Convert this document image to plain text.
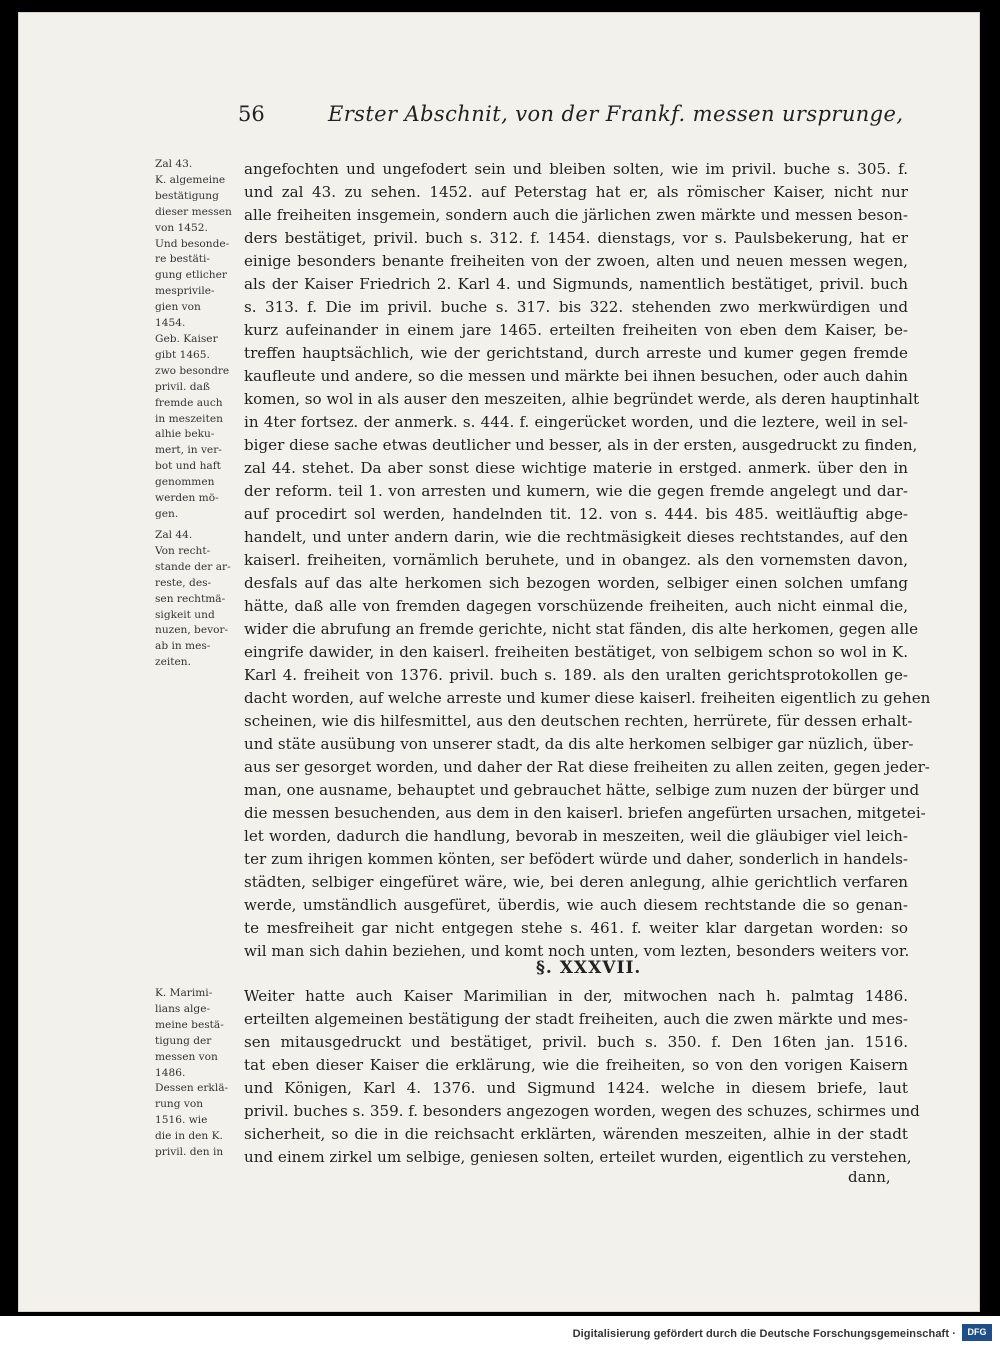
56	Erster Abschnit, von der Frankf. messen ursprunge,
Zal 43.
K. algemeine
bestätigung
dieser messen
von 1452.
Und besonde-
re bestäti-
gung etlicher
mesprivile-
gien von
1454.
Geb. Kaiser
gibt 1465.
zwo besondre
privil. daß
fremde auch
in meszeiten
alhie beku-
mert, in ver-
bot und haft
genommen
werden mö-
gen.
Zal 44.
Von recht-
stande der ar-
reste, des-
sen rechtmä-
sigkeit und
nuzen, bevor-
ab in mes-
zeiten.
K. Marimi-
lians alge-
meine bestä-
tigung der
messen von
1486.
Dessen erklä-
rung von
1516. wie
die in den K.
privil. den in
angefochten und ungefodert sein und bleiben solten, wie im privil. buche s. 305. f.
und zal 43. zu sehen. 1452. auf Peterstag hat er, als römischer Kaiser, nicht nur
alle freiheiten insgemein, sondern auch die järlichen zwen märkte und messen beson-
ders bestätiget, privil. buch s. 312. f. 1454. dienstags, vor s. Paulsbekerung, hat er
einige besonders benante freiheiten von der zwoen, alten und neuen messen wegen,
als der Kaiser Friedrich 2. Karl 4. und Sigmunds, namentlich bestätiget, privil. buch
s. 313. f. Die im privil. buche s. 317. bis 322. stehenden zwo merkwürdigen und
kurz aufeinander in einem jare 1465. erteilten freiheiten von eben dem Kaiser, be-
treffen hauptsächlich, wie der gerichtstand, durch arreste und kumer gegen fremde
kaufleute und andere, so die messen und märkte bei ihnen besuchen, oder auch dahin
komen, so wol in als auser den meszeiten, alhie begründet werde, als deren hauptinhalt
in 4ter fortsez. der anmerk. s. 444. f. eingerücket worden, und die leztere, weil in sel-
biger diese sache etwas deutlicher und besser, als in der ersten, ausgedruckt zu finden,
zal 44. stehet. Da aber sonst diese wichtige materie in erstged. anmerk. über den in
der reform. teil 1. von arresten und kumern, wie die gegen fremde angelegt und dar-
auf procedirt sol werden, handelnden tit. 12. von s. 444. bis 485. weitläuftig abge-
handelt, und unter andern darin, wie die rechtmäsigkeit dieses rechtstandes, auf den
kaiserl. freiheiten, vornämlich beruhete, und in obangez. als den vornemsten davon,
desfals auf das alte herkomen sich bezogen worden, selbiger einen solchen umfang
hätte, daß alle von fremden dagegen vorschüzende freiheiten, auch nicht einmal die,
wider die abrufung an fremde gerichte, nicht stat fänden, dis alte herkomen, gegen alle
eingrife dawider, in den kaiserl. freiheiten bestätiget, von selbigem schon so wol in K.
Karl 4. freiheit von 1376. privil. buch s. 189. als den uralten gerichtsprotokollen ge-
dacht worden, auf welche arreste und kumer diese kaiserl. freiheiten eigentlich zu gehen
scheinen, wie dis hilfesmittel, aus den deutschen rechten, herrürete, für dessen erhalt-
und stäte ausübung von unserer stadt, da dis alte herkomen selbiger gar nüzlich, über-
aus ser gesorget worden, und daher der Rat diese freiheiten zu allen zeiten, gegen jeder-
man, one ausname, behauptet und gebrauchet hätte, selbige zum nuzen der bürger und
die messen besuchenden, aus dem in den kaiserl. briefen angefürten ursachen, mitgetei-
let worden, dadurch die handlung, bevorab in meszeiten, weil die gläubiger viel leich-
ter zum ihrigen kommen könten, ser befödert würde und daher, sonderlich in handels-
städten, selbiger eingefüret wäre, wie, bei deren anlegung, alhie gerichtlich verfaren
werde, umständlich ausgefüret, überdis, wie auch diesem rechtstande die so genan-
te mesfreiheit gar nicht entgegen stehe s. 461. f. weiter klar dargetan worden: so
wil man sich dahin beziehen, und komt noch unten, vom lezten, besonders weiters vor.
§. XXXVII.
Weiter hatte auch Kaiser Marimilian in der, mitwochen nach h. palmtag 1486.
erteilten algemeinen bestätigung der stadt freiheiten, auch die zwen märkte und mes-
sen mitausgedruckt und bestätiget, privil. buch s. 350. f. Den 16ten jan. 1516.
tat eben dieser Kaiser die erklärung, wie die freiheiten, so von den vorigen Kaisern
und Königen, Karl 4. 1376. und Sigmund 1424. welche in diesem briefe, laut
privil. buches s. 359. f. besonders angezogen worden, wegen des schuzes, schirmes und
sicherheit, so die in die reichsacht erklärten, wärenden meszeiten, alhie in der stadt
und einem zirkel um selbige, geniesen solten, erteilet wurden, eigentlich zu verstehen,
dann,
Digitalisierung gefördert durch die Deutsche Forschungsgemeinschaft ·	DFG
